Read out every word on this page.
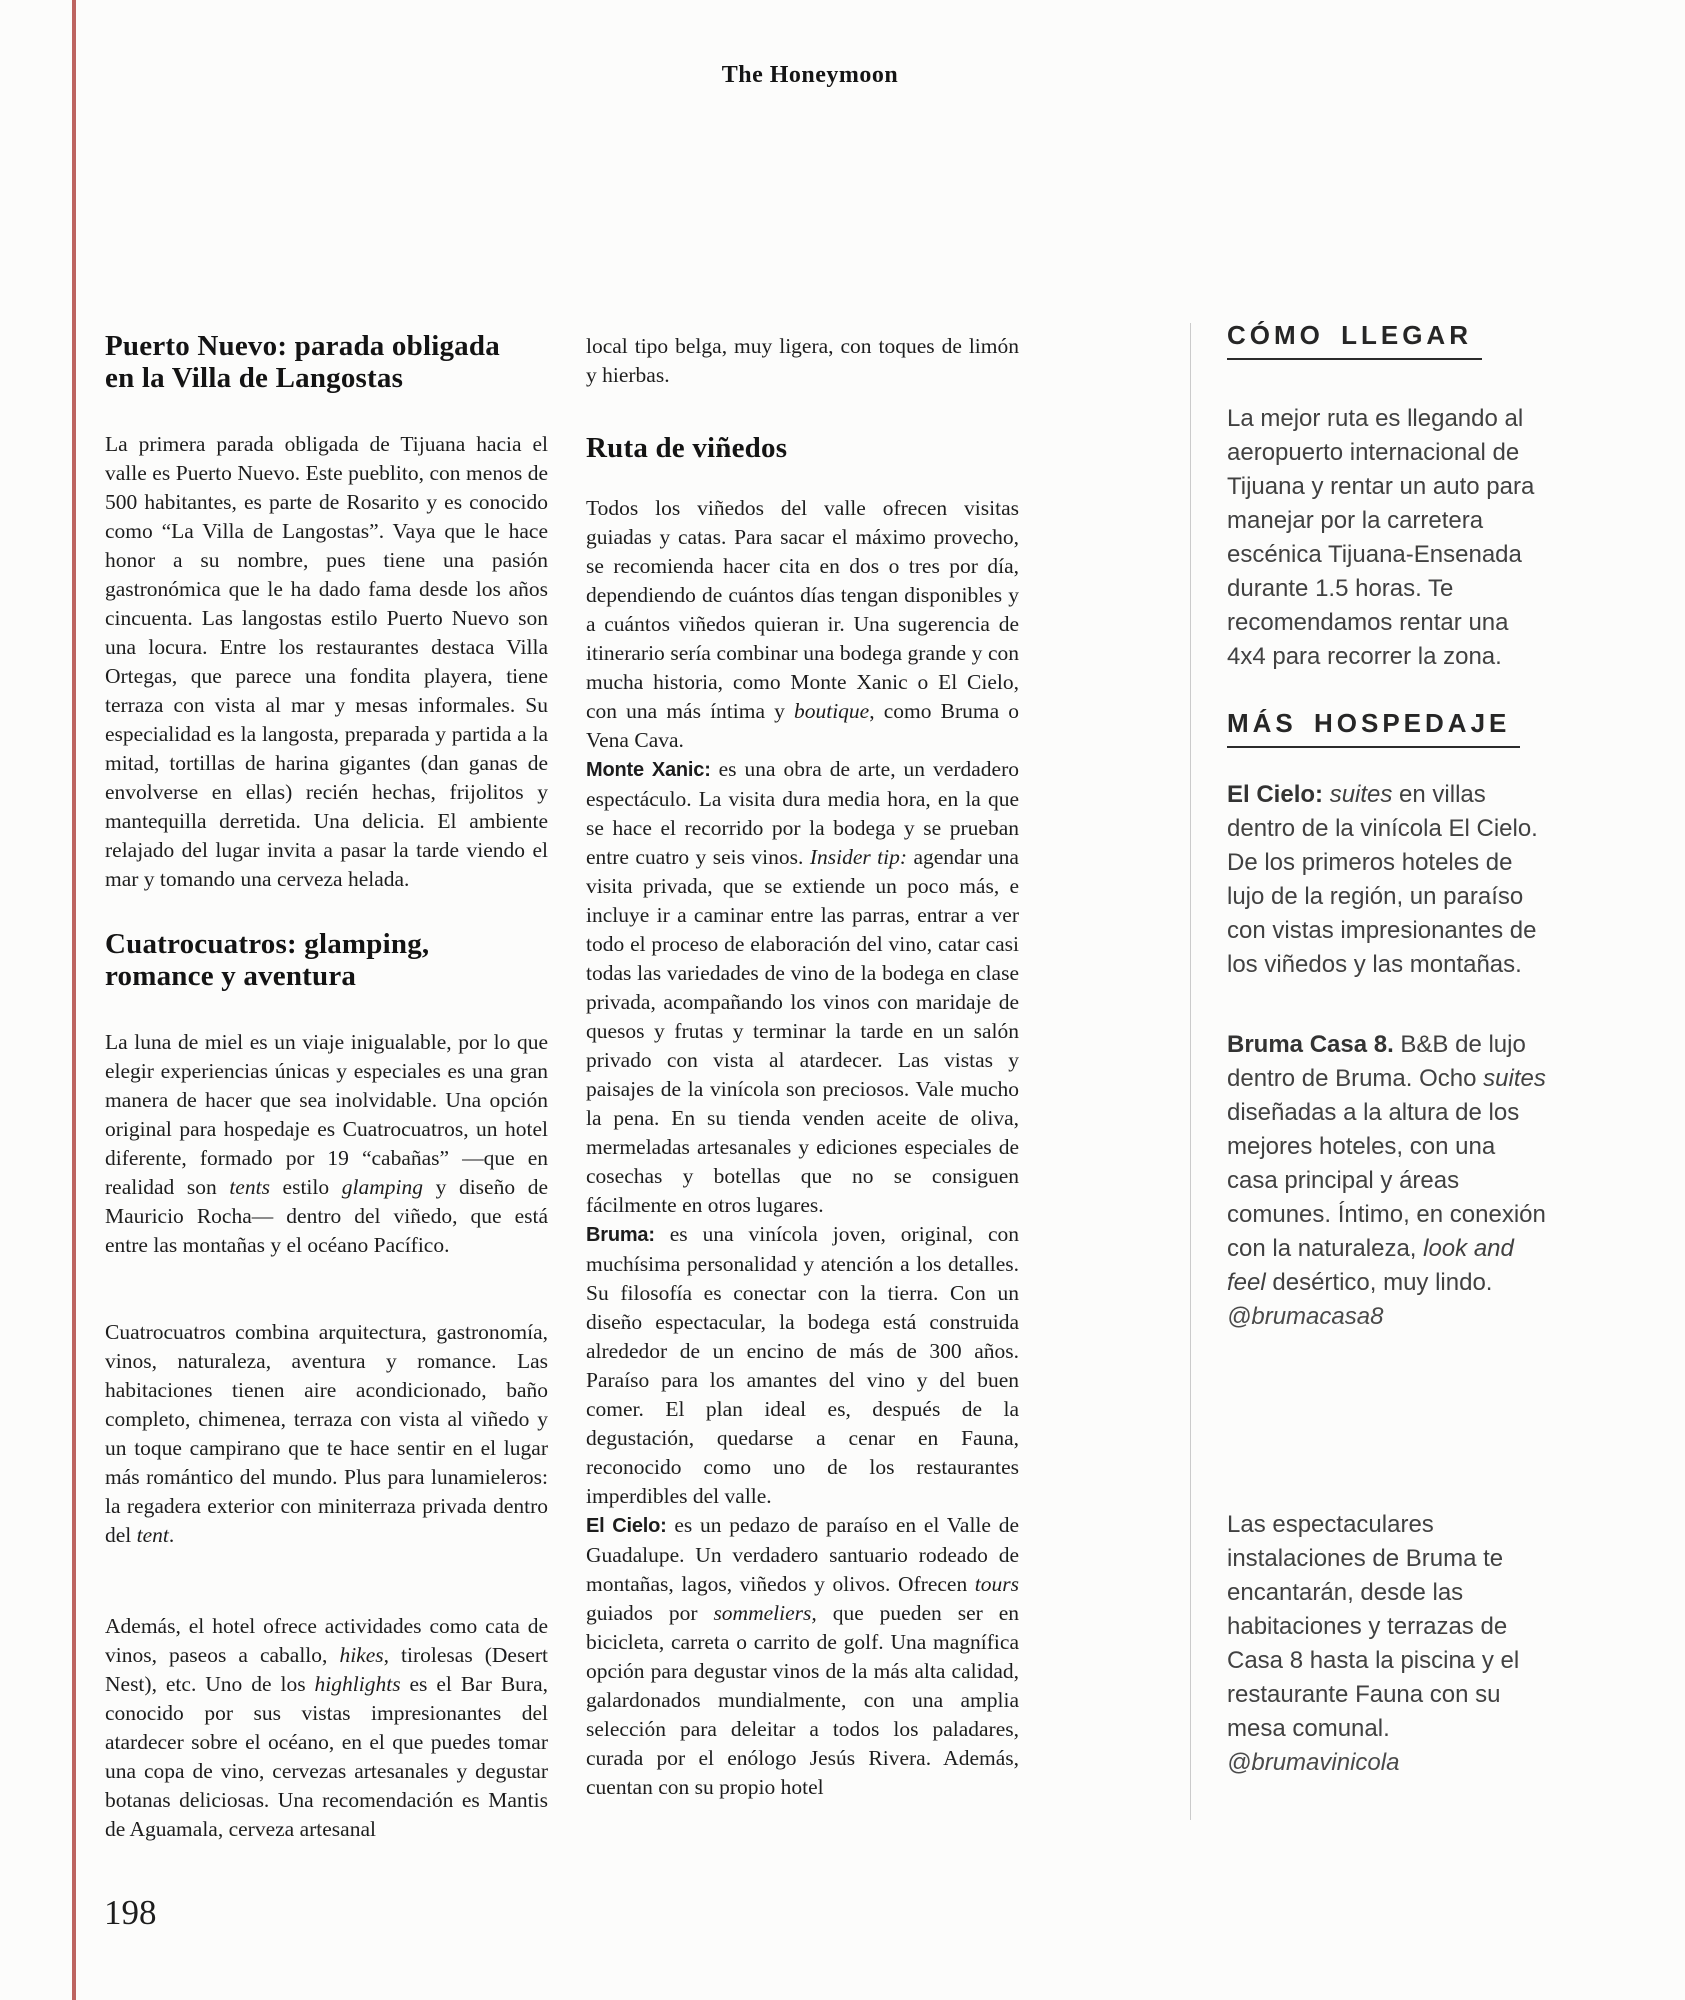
The Honeymoon
Puerto Nuevo: parada obligada
en la Villa de Langostas

La primera parada obligada de Tijuana hacia el valle es Puerto Nuevo. Este pueblito, con menos de 500 habitantes, es parte de Rosarito y es conocido como “La Villa de Langostas”. Vaya que le hace honor a su nombre, pues tiene una pasión gastronómica que le ha dado fama desde los años cincuenta. Las langostas estilo Puerto Nuevo son una locura. Entre los restaurantes destaca Villa Ortegas, que parece una fondita playera, tiene terraza con vista al mar y mesas informales. Su especialidad es la langosta, preparada y partida a la mitad, tortillas de harina gigantes (dan ganas de envolverse en ellas) recién hechas, frijolitos y mantequilla derretida. Una delicia. El ambiente relajado del lugar invita a pasar la tarde viendo el mar y tomando una cerveza helada.

Cuatrocuatros: glamping,
romance y aventura

La luna de miel es un viaje inigualable, por lo que elegir experiencias únicas y especiales es una gran manera de hacer que sea inolvidable. Una opción original para hospedaje es Cuatrocuatros, un hotel diferente, formado por 19 “cabañas” —que en realidad son tents estilo glamping y diseño de Mauricio Rocha— dentro del viñedo, que está entre las montañas y el océano Pacífico.

Cuatrocuatros combina arquitectura, gastronomía, vinos, naturaleza, aventura y romance. Las habitaciones tienen aire acondicionado, baño completo, chimenea, terraza con vista al viñedo y un toque campirano que te hace sentir en el lugar más romántico del mundo. Plus para lunamieleros: la regadera exterior con miniterraza privada dentro del tent.

Además, el hotel ofrece actividades como cata de vinos, paseos a caballo, hikes, tirolesas (Desert Nest), etc. Uno de los highlights es el Bar Bura, conocido por sus vistas impresionantes del atardecer sobre el océano, en el que puedes tomar una copa de vino, cervezas artesanales y degustar botanas deliciosas. Una recomendación es Mantis de Aguamala, cerveza artesanal

local tipo belga, muy ligera, con toques de limón y hierbas.

Ruta de viñedos

Todos los viñedos del valle ofrecen visitas guiadas y catas. Para sacar el máximo provecho, se recomienda hacer cita en dos o tres por día, dependiendo de cuántos días tengan disponibles y a cuántos viñedos quieran ir. Una sugerencia de itinerario sería combinar una bodega grande y con mucha historia, como Monte Xanic o El Cielo, con una más íntima y boutique, como Bruma o Vena Cava.

Monte Xanic: es una obra de arte, un verdadero espectáculo. La visita dura media hora, en la que se hace el recorrido por la bodega y se prueban entre cuatro y seis vinos. Insider tip: agendar una visita privada, que se extiende un poco más, e incluye ir a caminar entre las parras, entrar a ver todo el proceso de elaboración del vino, catar casi todas las variedades de vino de la bodega en clase privada, acompañando los vinos con maridaje de quesos y frutas y terminar la tarde en un salón privado con vista al atardecer. Las vistas y paisajes de la vinícola son preciosos. Vale mucho la pena. En su tienda venden aceite de oliva, mermeladas artesanales y ediciones especiales de cosechas y botellas que no se consiguen fácilmente en otros lugares.

Bruma: es una vinícola joven, original, con muchísima personalidad y atención a los detalles. Su filosofía es conectar con la tierra. Con un diseño espectacular, la bodega está construida alrededor de un encino de más de 300 años. Paraíso para los amantes del vino y del buen comer. El plan ideal es, después de la degustación, quedarse a cenar en Fauna, reconocido como uno de los restaurantes imperdibles del valle.

El Cielo: es un pedazo de paraíso en el Valle de Guadalupe. Un verdadero santuario rodeado de montañas, lagos, viñedos y olivos. Ofrecen tours guiados por sommeliers, que pueden ser en bicicleta, carreta o carrito de golf. Una magnífica opción para degustar vinos de la más alta calidad, galardonados mundialmente, con una amplia selección para deleitar a todos los paladares, curada por el enólogo Jesús Rivera. Además, cuentan con su propio hotel

CÓMO LLEGAR

La mejor ruta es llegando al aeropuerto internacional de Tijuana y rentar un auto para manejar por la carretera escénica Tijuana-Ensenada durante 1.5 horas. Te recomendamos rentar una 4x4 para recorrer la zona.

MÁS HOSPEDAJE

El Cielo: suites en villas dentro de la vinícola El Cielo. De los primeros hoteles de lujo de la región, un paraíso con vistas impresionantes de los viñedos y las montañas.

Bruma Casa 8. B&B de lujo dentro de Bruma. Ocho suites diseñadas a la altura de los mejores hoteles, con una casa principal y áreas comunes. Íntimo, en conexión con la naturaleza, look and feel desértico, muy lindo.

@brumacasa8

Las espectaculares instalaciones de Bruma te encantarán, desde las habitaciones y terrazas de Casa 8 hasta la piscina y el restaurante Fauna con su mesa comunal.

@brumavinicola

198
